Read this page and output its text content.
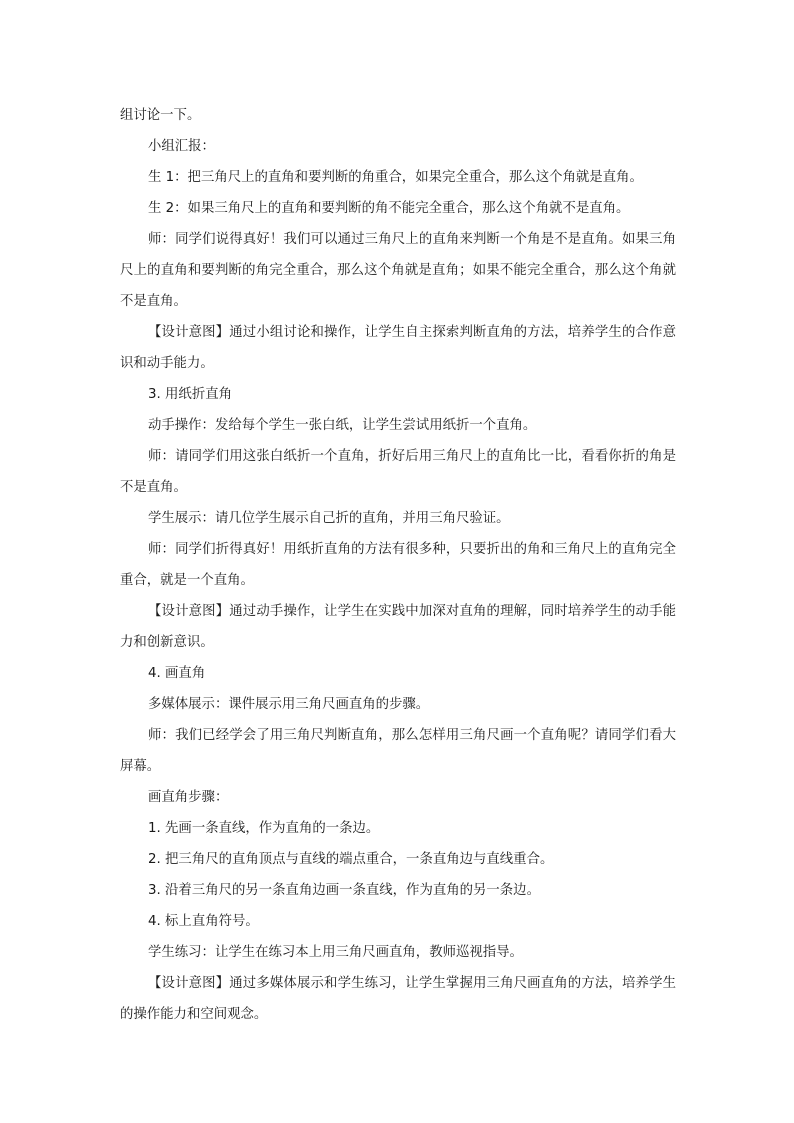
组讨论一下。

小组汇报：

生 1：把三角尺上的直角和要判断的角重合，如果完全重合，那么这个角就是直角。

生 2：如果三角尺上的直角和要判断的角不能完全重合，那么这个角就不是直角。

师：同学们说得真好！我们可以通过三角尺上的直角来判断一个角是不是直角。如果三角尺上的直角和要判断的角完全重合，那么这个角就是直角；如果不能完全重合，那么这个角就不是直角。

【设计意图】通过小组讨论和操作，让学生自主探索判断直角的方法，培养学生的合作意识和动手能力。

3. 用纸折直角

动手操作：发给每个学生一张白纸，让学生尝试用纸折一个直角。

师：请同学们用这张白纸折一个直角，折好后用三角尺上的直角比一比，看看你折的角是不是直角。

学生展示：请几位学生展示自己折的直角，并用三角尺验证。

师：同学们折得真好！用纸折直角的方法有很多种，只要折出的角和三角尺上的直角完全重合，就是一个直角。

【设计意图】通过动手操作，让学生在实践中加深对直角的理解，同时培养学生的动手能力和创新意识。

4. 画直角

多媒体展示：课件展示用三角尺画直角的步骤。

师：我们已经学会了用三角尺判断直角，那么怎样用三角尺画一个直角呢？请同学们看大屏幕。

画直角步骤：

1. 先画一条直线，作为直角的一条边。

2. 把三角尺的直角顶点与直线的端点重合，一条直角边与直线重合。

3. 沿着三角尺的另一条直角边画一条直线，作为直角的另一条边。

4. 标上直角符号。

学生练习：让学生在练习本上用三角尺画直角，教师巡视指导。

【设计意图】通过多媒体展示和学生练习，让学生掌握用三角尺画直角的方法，培养学生的操作能力和空间观念。
